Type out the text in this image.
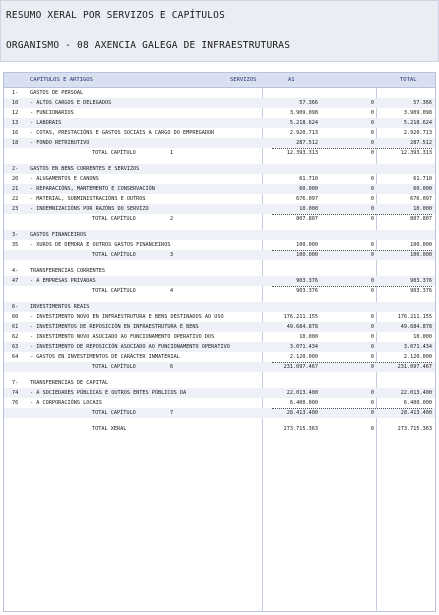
RESUMO XERAL POR SERVIZOS E CAPÍTULOS
ORGANISMO - 08 AXENCIA GALEGA DE INFRAESTRUTURAS
CAPÍTULOS E ARTIGOS	SERVIZOS	A1	TOTAL
1- GASTOS DE PERSOAL
10 - ALTOS CARGOS E DELEGADOS	57.366	0	57.366
12 - FUNCIONARIOS	3.909.098	0	3.909.098
13 - LABORAIS	5.218.624	0	5.218.624
16 - COTAS, PRESTACIÓNS E GASTOS SOCIAIS A CARGO DO EMPREGADOR	2.920.713	0	2.920.713
18 - FONDO RETRIBUTIVO	287.512	0	287.512
TOTAL CAPÍTULO	1	12.393.313	0	12.393.313
2- GASTOS EN BENS CORRENTES E SERVIZOS
20 - ALUGAMENTOS E CANONS	61.710	0	61.710
21 - REPARACIÓNS, MANTEMENTO E CONSERVACIÓN	60.000	0	60.000
22 - MATERIAL, SUBMINISTRACIÓNS E OUTROS	676.097	0	676.097
23 - INDEMNIZACIÓNS POR RAZÓNS DO SERVIZO	10.000	0	10.000
TOTAL CAPÍTULO	2	807.807	0	807.807
3- GASTOS FINANCEIROS
35 - XUROS DE DEMORA E OUTROS GASTOS FINANCEIROS	100.000	0	100.000
TOTAL CAPÍTULO	3	100.000	0	100.000
4- TRANSFERENCIAS CORRENTES
47 - A EMPRESAS PRIVADAS	903.376	0	903.376
TOTAL CAPÍTULO	4	903.376	0	903.376
6- INVESTIMENTOS REAIS
60 - INVESTIMENTO NOVO EN INFRAESTRUTURA E BENS DESTINADOS AO USO	176.211.155	0	176.211.155
61 - INVESTIMENTOS DE REPOSICIÓN EN INFRAESTRUTURA E BENS	49.684.878	0	49.684.878
62 - INVESTIMENTO NOVO ASOCIADO AO FUNCIONAMENTO OPERATIVO DOS	10.000	0	10.000
63 - INVESTIMENTO DE REPOSICIÓN ASOCIADO AO FUNCIONAMENTO OPERATIVO	3.071.434	0	3.071.434
64 - GASTOS EN INVESTIMENTOS DE CARÁCTER INMATERIAL	2.120.000	0	2.120.000
TOTAL CAPÍTULO	6	231.097.467	0	231.097.467
7- TRANSFERENCIAS DE CAPITAL
74 - A SOCIEDADES PÚBLICAS E OUTROS ENTES PÚBLICOS DA	22.013.400	0	22.013.400
76 - A CORPORACIÓNS LOCAIS	6.400.000	0	6.400.000
TOTAL CAPÍTULO	7	28.413.400	0	28.413.400
TOTAL XERAL	273.715.363	0	273.715.363
